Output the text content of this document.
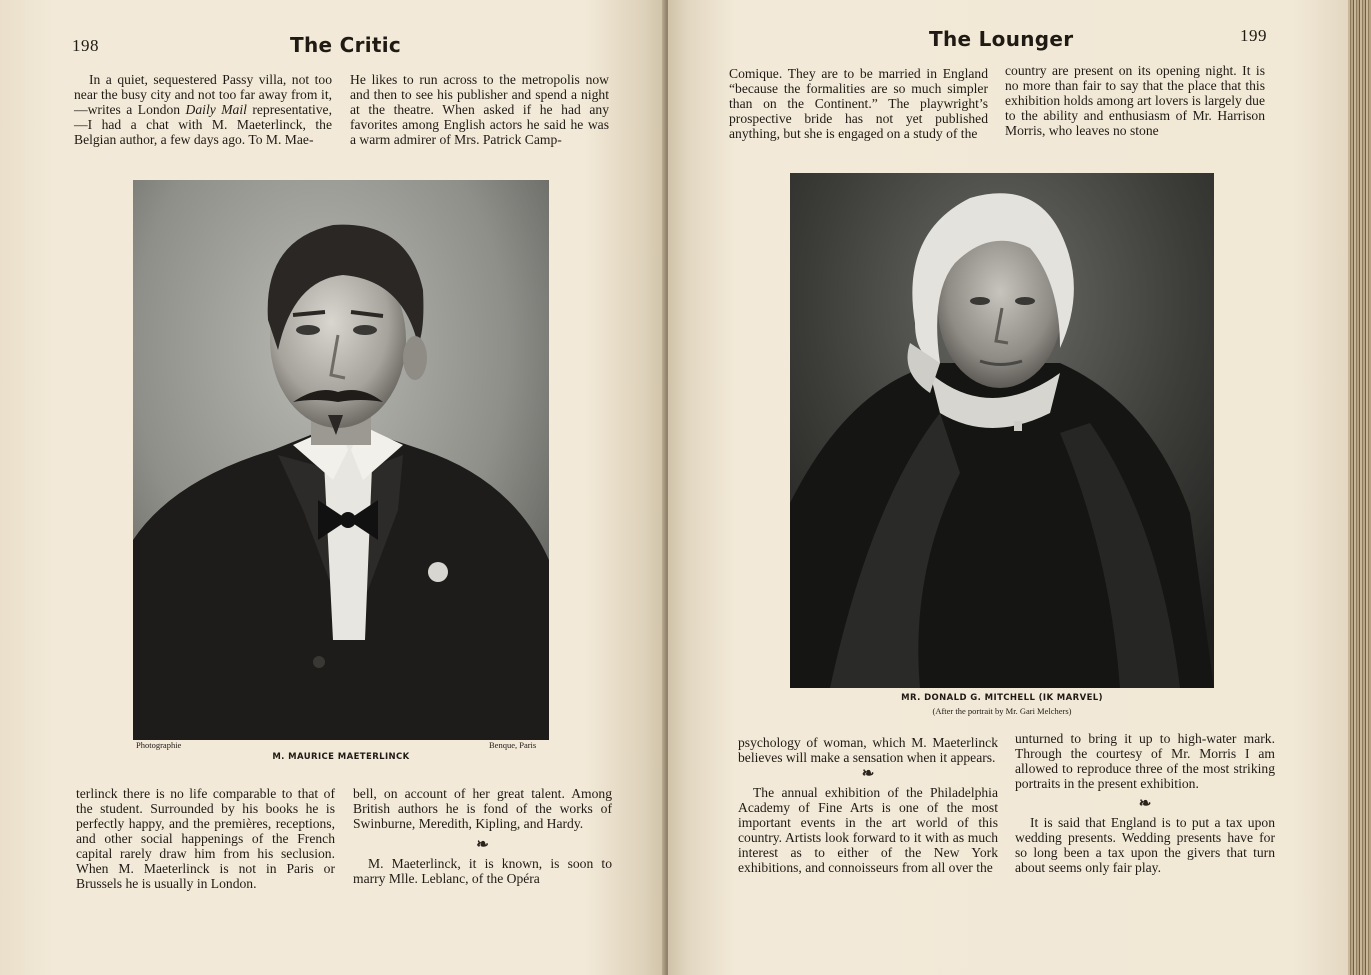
198	The Critic

In a quiet, sequestered Passy villa, not too near the busy city and not too far away from it,—writes a London Daily Mail representative,—I had a chat with M. Maeterlinck, the Belgian author, a few days ago. To M. Mae-

He likes to run across to the metropolis now and then to see his publisher and spend a night at the theatre. When asked if he had any favorites among English actors he said he was a warm admirer of Mrs. Patrick Camp-

Photographie	Benque, Paris
M. MAURICE MAETERLINCK

terlinck there is no life comparable to that of the student. Surrounded by his books he is perfectly happy, and the premières, receptions, and other social happenings of the French capital rarely draw him from his seclusion. When M. Maeterlinck is not in Paris or Brussels he is usually in London.

bell, on account of her great talent. Among British authors he is fond of the works of Swinburne, Meredith, Kipling, and Hardy.

❧

M. Maeterlinck, it is known, is soon to marry Mlle. Leblanc, of the Opéra

The Lounger	199

Comique. They are to be married in England “because the formalities are so much simpler than on the Continent.” The playwright’s prospective bride has not yet published anything, but she is engaged on a study of the

country are present on its opening night. It is no more than fair to say that the place that this exhibition holds among art lovers is largely due to the ability and enthusiasm of Mr. Harrison Morris, who leaves no stone

MR. DONALD G. MITCHELL (IK MARVEL)
(After the portrait by Mr. Gari Melchers)

psychology of woman, which M. Maeterlinck believes will make a sensation when it appears.

❧

The annual exhibition of the Philadelphia Academy of Fine Arts is one of the most important events in the art world of this country. Artists look forward to it with as much interest as to either of the New York exhibitions, and connoisseurs from all over the

unturned to bring it up to high-water mark. Through the courtesy of Mr. Morris I am allowed to reproduce three of the most striking portraits in the present exhibition.

❧

It is said that England is to put a tax upon wedding presents. Wedding presents have for so long been a tax upon the givers that turn about seems only fair play.
